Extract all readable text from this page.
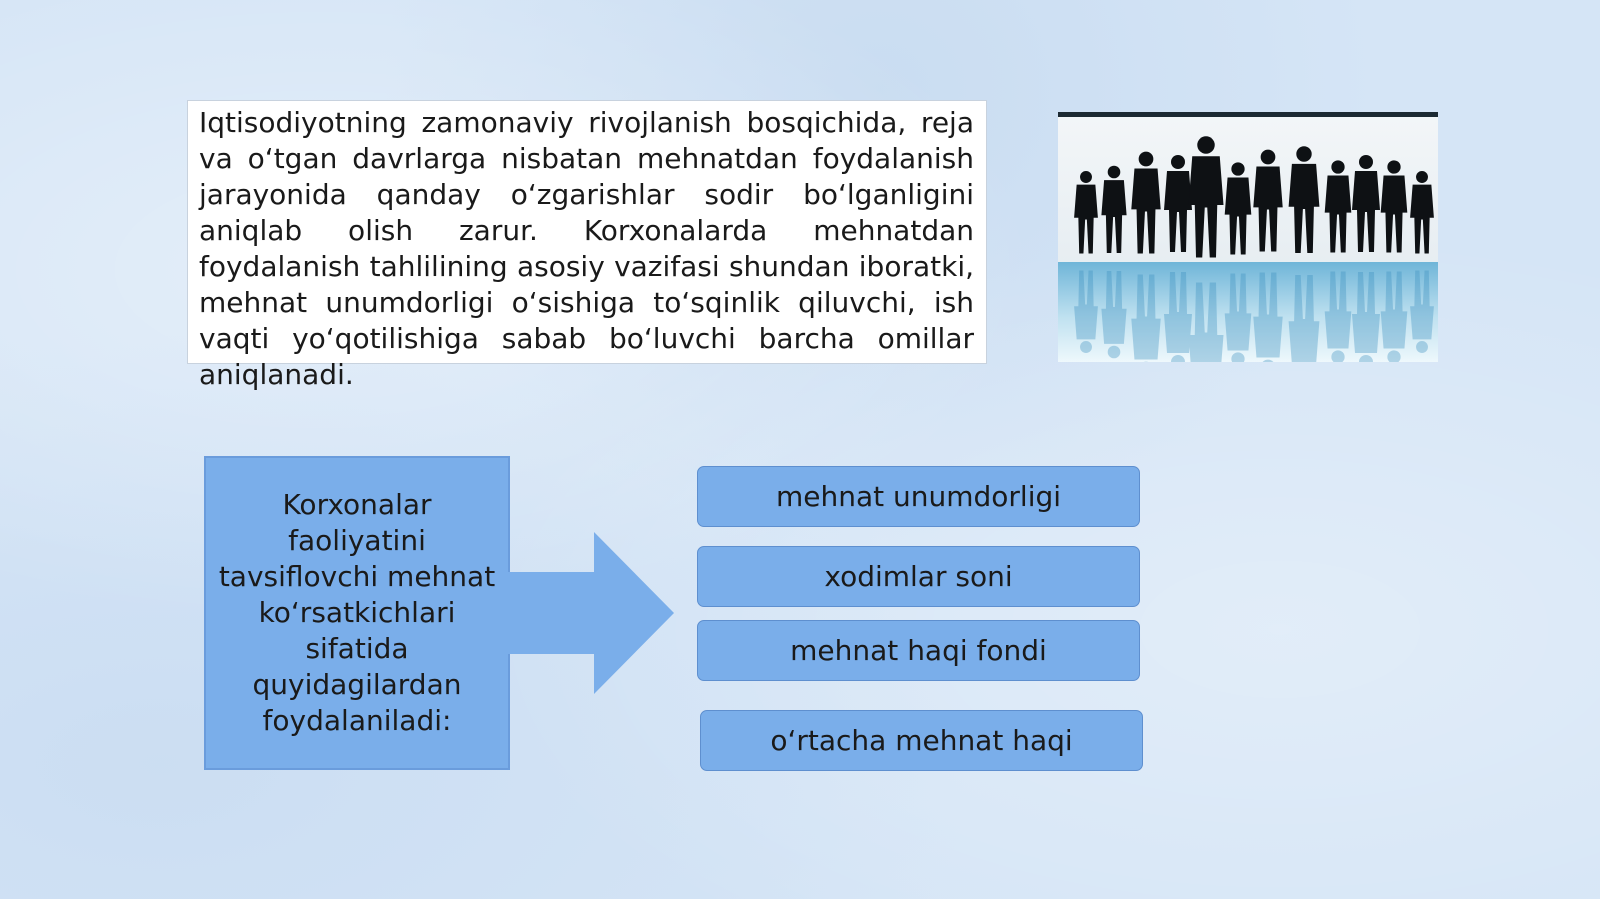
Iqtisodiyotning zamonaviy rivojlanish bosqichida, reja va o‘tgan davrlarga nisbatan mehnatdan foydalanish jarayonida qanday o‘zgarishlar sodir bo‘lganligini aniqlab olish zarur. Korxonalarda mehnatdan foydalanish tahlilining asosiy vazifasi shundan iboratki, mehnat unumdorligi o‘sishiga to‘sqinlik qiluvchi, ish vaqti yo‘qotilishiga sabab bo‘luvchi barcha omillar aniqlanadi.

Korxonalar faoliyatini tavsiflovchi mehnat ko‘rsatkichlari sifatida quyidagilardan foydalaniladi:
mehnat unumdorligi
xodimlar soni
mehnat haqi fondi
o‘rtacha mehnat haqi
